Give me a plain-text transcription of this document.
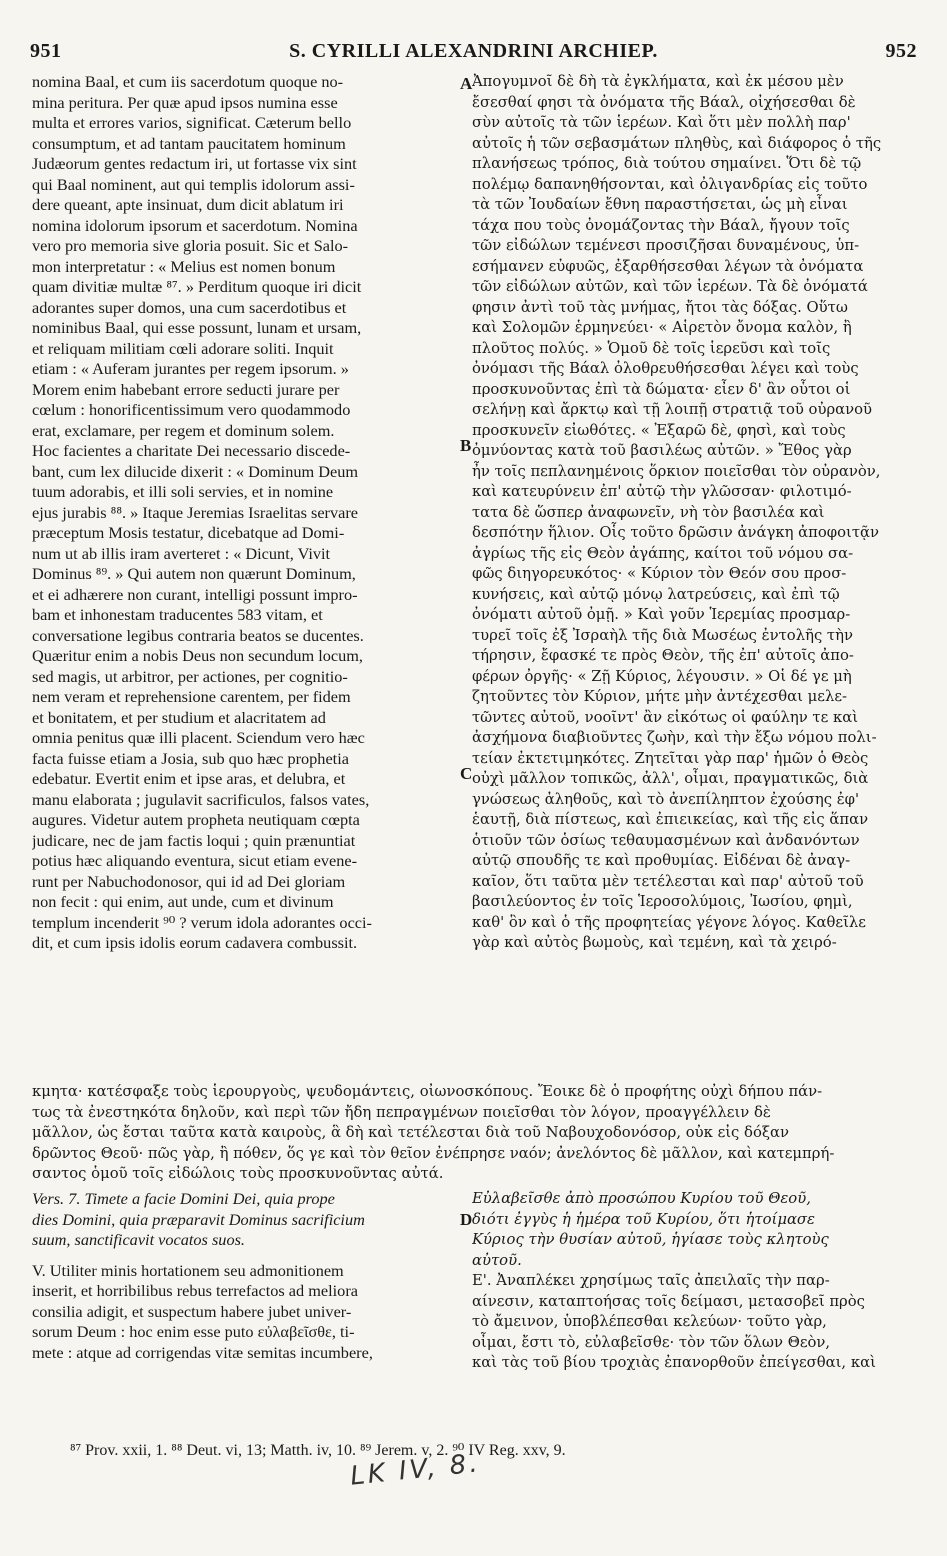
951	S. CYRILLI ALEXANDRINI ARCHIEP.	952
nomina Baal, et cum iis sacerdotum quoque no-
mina peritura. Per quæ apud ipsos numina esse
multa et errores varios, significat. Cæterum bello
consumptum, et ad tantam paucitatem hominum
Judæorum gentes redactum iri, ut fortasse vix sint
qui Baal nominent, aut qui templis idolorum assi-
dere queant, apte insinuat, dum dicit ablatum iri
nomina idolorum ipsorum et sacerdotum. Nomina
vero pro memoria sive gloria posuit. Sic et Salo-
mon interpretatur : « Melius est nomen bonum
quam divitiæ multæ ⁸⁷. » Perditum quoque iri dicit
adorantes super domos, una cum sacerdotibus et
nominibus Baal, qui esse possunt, lunam et ursam,
et reliquam militiam cœli adorare soliti. Inquit
etiam : « Auferam jurantes per regem ipsorum. »
Morem enim habebant errore seducti jurare per
cœlum : honorificentissimum vero quodammodo
erat, exclamare, per regem et dominum solem.
Hoc facientes a charitate Dei necessario discede-
bant, cum lex dilucide dixerit : « Dominum Deum
tuum adorabis, et illi soli servies, et in nomine
ejus jurabis ⁸⁸. » Itaque Jeremias Israelitas servare
præceptum Mosis testatur, dicebatque ad Domi-
num ut ab illis iram averteret : « Dicunt, Vivit
Dominus ⁸⁹. » Qui autem non quærunt Dominum,
et ei adhærere non curant, intelligi possunt impro-
bam et inhonestam traducentes 583 vitam, et
conversatione legibus contraria beatos se ducentes.
Quæritur enim a nobis Deus non secundum locum,
sed magis, ut arbitror, per actiones, per cognitio-
nem veram et reprehensione carentem, per fidem
et bonitatem, et per studium et alacritatem ad
omnia penitus quæ illi placent. Sciendum vero hæc
facta fuisse etiam a Josia, sub quo hæc prophetia
edebatur. Evertit enim et ipse aras, et delubra, et
manu elaborata ; jugulavit sacrificulos, falsos vates,
augures. Videtur autem propheta neutiquam cœpta
judicare, nec de jam factis loqui ; quin prænuntiat
potius hæc aliquando eventura, sicut etiam evene-
runt per Nabuchodonosor, qui id ad Dei gloriam
non fecit : qui enim, aut unde, cum et divinum
templum incenderit ⁹⁰ ? verum idola adorantes occi-
dit, et cum ipsis idolis eorum cadavera combussit.
Ἀπογυμνοῖ δὲ δὴ τὰ ἐγκλήματα, καὶ ἐκ μέσου μὲν
ἔσεσθαί φησι τὰ ὀνόματα τῆς Βάαλ, οἰχήσεσθαι δὲ
σὺν αὐτοῖς τὰ τῶν ἱερέων. Καὶ ὅτι μὲν πολλὴ παρ'
αὐτοῖς ἡ τῶν σεβασμάτων πληθὺς, καὶ διάφορος ὁ τῆς
πλανήσεως τρόπος, διὰ τούτου σημαίνει. Ὅτι δὲ τῷ
πολέμῳ δαπανηθήσονται, καὶ ὀλιγανδρίας εἰς τοῦτο
τὰ τῶν Ἰουδαίων ἔθνη παραστήσεται, ὡς μὴ εἶναι
τάχα που τοὺς ὀνομάζοντας τὴν Βάαλ, ἤγουν τοῖς
τῶν εἰδώλων τεμένεσι προσιζῆσαι δυναμένους, ὑπ-
εσήμανεν εὐφυῶς, ἐξαρθήσεσθαι λέγων τὰ ὀνόματα
τῶν εἰδώλων αὐτῶν, καὶ τῶν ἱερέων. Τὰ δὲ ὀνόματά
φησιν ἀντὶ τοῦ τὰς μνήμας, ἤτοι τὰς δόξας. Οὕτω
καὶ Σολομῶν ἑρμηνεύει· « Αἱρετὸν ὄνομα καλὸν, ἢ
πλοῦτος πολύς. » Ὁμοῦ δὲ τοῖς ἱερεῦσι καὶ τοῖς
ὀνόμασι τῆς Βάαλ ὀλοθρευθήσεσθαι λέγει καὶ τοὺς
προσκυνοῦντας ἐπὶ τὰ δώματα· εἶεν δ' ἂν οὗτοι οἱ
σελήνῃ καὶ ἄρκτῳ καὶ τῇ λοιπῇ στρατιᾷ τοῦ οὐρανοῦ
προσκυνεῖν εἰωθότες. « Ἐξαρῶ δὲ, φησὶ, καὶ τοὺς
ὀμνύοντας κατὰ τοῦ βασιλέως αὐτῶν. » Ἔθος γὰρ
ἦν τοῖς πεπλανημένοις ὅρκιον ποιεῖσθαι τὸν οὐρανὸν,
καὶ κατευρύνειν ἐπ' αὐτῷ τὴν γλῶσσαν· φιλοτιμό-
τατα δὲ ὥσπερ ἀναφωνεῖν, νὴ τὸν βασιλέα καὶ
δεσπότην ἥλιον. Οἷς τοῦτο δρῶσιν ἀνάγκη ἀποφοιτᾷν
ἀγρίως τῆς εἰς Θεὸν ἀγάπης, καίτοι τοῦ νόμου σα-
φῶς διηγορευκότος· « Κύριον τὸν Θεόν σου προσ-
κυνήσεις, καὶ αὐτῷ μόνῳ λατρεύσεις, καὶ ἐπὶ τῷ
ὀνόματι αὐτοῦ ὀμῇ. » Καὶ γοῦν Ἱερεμίας προσμαρ-
τυρεῖ τοῖς ἐξ Ἰσραὴλ τῆς διὰ Μωσέως ἐντολῆς τὴν
τήρησιν, ἔφασκέ τε πρὸς Θεὸν, τῆς ἐπ' αὐτοῖς ἀπο-
φέρων ὀργῆς· « Ζῇ Κύριος, λέγουσιν. » Οἱ δέ γε μὴ
ζητοῦντες τὸν Κύριον, μήτε μὴν ἀντέχεσθαι μελε-
τῶντες αὐτοῦ, νοοῖντ' ἂν εἰκότως οἱ φαύλην τε καὶ
ἀσχήμονα διαβιοῦντες ζωὴν, καὶ τὴν ἔξω νόμου πολι-
τείαν ἐκτετιμηκότες. Ζητεῖται γὰρ παρ' ἡμῶν ὁ Θεὸς
οὐχὶ μᾶλλον τοπικῶς, ἀλλ', οἶμαι, πραγματικῶς, διὰ
γνώσεως ἀληθοῦς, καὶ τὸ ἀνεπίληπτον ἐχούσης ἐφ'
ἑαυτῇ, διὰ πίστεως, καὶ ἐπιεικείας, καὶ τῆς εἰς ἅπαν
ὁτιοῦν τῶν ὁσίως τεθαυμασμένων καὶ ἀνδανόντων
αὐτῷ σπουδῆς τε καὶ προθυμίας. Εἰδέναι δὲ ἀναγ-
καῖον, ὅτι ταῦτα μὲν τετέλεσται καὶ παρ' αὐτοῦ τοῦ
βασιλεύοντος ἐν τοῖς Ἱεροσολύμοις, Ἰωσίου, φημὶ,
καθ' ὃν καὶ ὁ τῆς προφητείας γέγονε λόγος. Καθεῖλε
γὰρ καὶ αὐτὸς βωμοὺς, καὶ τεμένη, καὶ τὰ χειρό-
A
B
C
D
κμητα· κατέσφαξε τοὺς ἱερουργοὺς, ψευδομάντεις, οἰωνοσκόπους. Ἔοικε δὲ ὁ προφήτης οὐχὶ δήπου πάν-
τως τὰ ἐνεστηκότα δηλοῦν, καὶ περὶ τῶν ἤδη πεπραγμένων ποιεῖσθαι τὸν λόγον, προαγγέλλειν δὲ
μᾶλλον, ὡς ἔσται ταῦτα κατὰ καιροὺς, ἃ δὴ καὶ τετέλεσται διὰ τοῦ Ναβουχοδονόσορ, οὐκ εἰς δόξαν
δρῶντος Θεοῦ· πῶς γὰρ, ἢ πόθεν, ὅς γε καὶ τὸν θεῖον ἐνέπρησε ναόν; ἀνελόντος δὲ μᾶλλον, καὶ κατεμπρή-
σαντος ὁμοῦ τοῖς εἰδώλοις τοὺς προσκυνοῦντας αὐτά.
Vers. 7. Timete a facie Domini Dei, quia prope
dies Domini, quia præparavit Dominus sacrificium
suum, sanctificavit vocatos suos.
V. Utiliter minis hortationem seu admonitionem
inserit, et horribilibus rebus terrefactos ad meliora
consilia adigit, et suspectum habere jubet univer-
sorum Deum : hoc enim esse puto εὐλαβεῖσθε, ti-
mete : atque ad corrigendas vitæ semitas incumbere,
Εὐλαβεῖσθε ἀπὸ προσώπου Κυρίου τοῦ Θεοῦ,
διότι ἐγγὺς ἡ ἡμέρα τοῦ Κυρίου, ὅτι ἡτοίμασε
Κύριος τὴν θυσίαν αὐτοῦ, ἡγίασε τοὺς κλητοὺς
αὐτοῦ.
Ε'. Ἀναπλέκει χρησίμως ταῖς ἀπειλαῖς τὴν παρ-
αίνεσιν, καταπτοήσας τοῖς δείμασι, μετασοβεῖ πρὸς
τὸ ἄμεινον, ὑποβλέπεσθαι κελεύων· τοῦτο γὰρ,
οἶμαι, ἔστι τὸ, εὐλαβεῖσθε· τὸν τῶν ὅλων Θεὸν,
καὶ τὰς τοῦ βίου τροχιὰς ἐπανορθοῦν ἐπείγεσθαι, καὶ
⁸⁷ Prov. xxii, 1. ⁸⁸ Deut. vi, 13; Matth. iv, 10. ⁸⁹ Jerem. v, 2. ⁹⁰ IV Reg. xxv, 9.
LK IV, 8.
